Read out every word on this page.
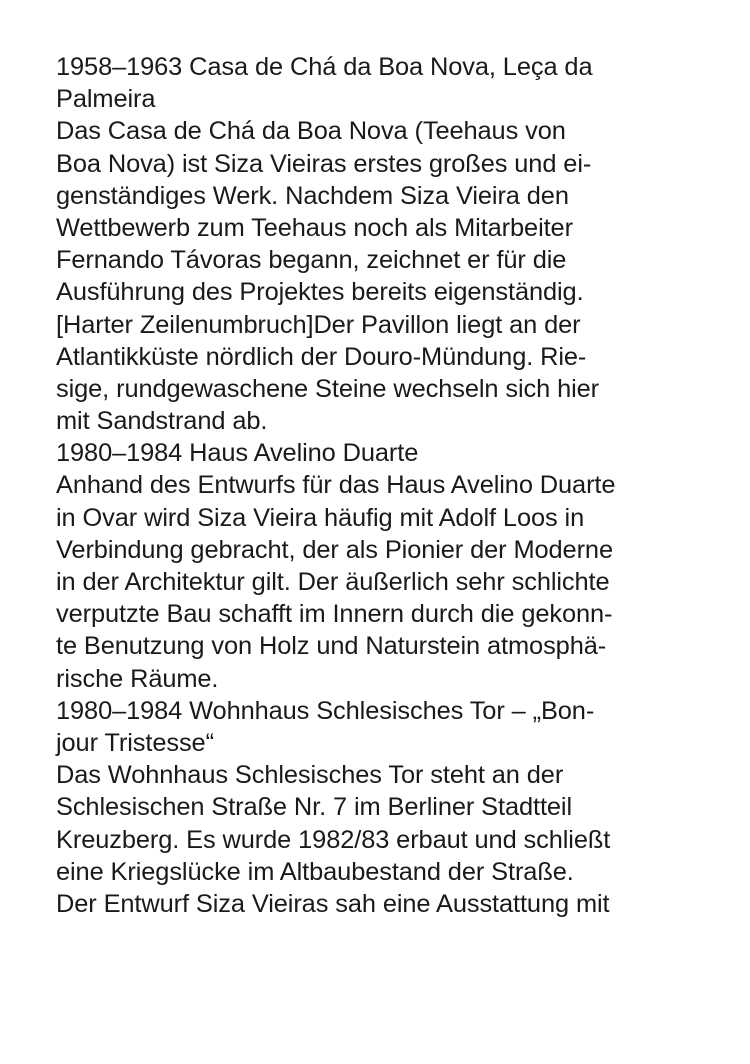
1958–1963 Casa de Chá da Boa Nova, Leça da
Palmeira
Das Casa de Chá da Boa Nova (Teehaus von
Boa Nova) ist Siza Vieiras erstes großes und ei-
genständiges Werk. Nachdem Siza Vieira den
Wettbewerb zum Teehaus noch als Mitarbeiter
Fernando Távoras begann, zeichnet er für die
Ausführung des Projektes bereits eigenständig.
[Harter Zeilenumbruch]Der Pavillon liegt an der
Atlantikküste nördlich der Douro-Mündung. Rie-
sige, rundgewaschene Steine wechseln sich hier
mit Sandstrand ab.
1980–1984 Haus Avelino Duarte
Anhand des Entwurfs für das Haus Avelino Duarte
in Ovar wird Siza Vieira häufig mit Adolf Loos in
Verbindung gebracht, der als Pionier der Moderne
in der Architektur gilt. Der äußerlich sehr schlichte
verputzte Bau schafft im Innern durch die gekonn-
te Benutzung von Holz und Naturstein atmosphä-
rische Räume.
1980–1984 Wohnhaus Schlesisches Tor – „Bon-
jour Tristesse“
Das Wohnhaus Schlesisches Tor steht an der
Schlesischen Straße Nr. 7 im Berliner Stadtteil
Kreuzberg. Es wurde 1982/83 erbaut und schließt
eine Kriegslücke im Altbaubestand der Straße.
Der Entwurf Siza Vieiras sah eine Ausstattung mit
